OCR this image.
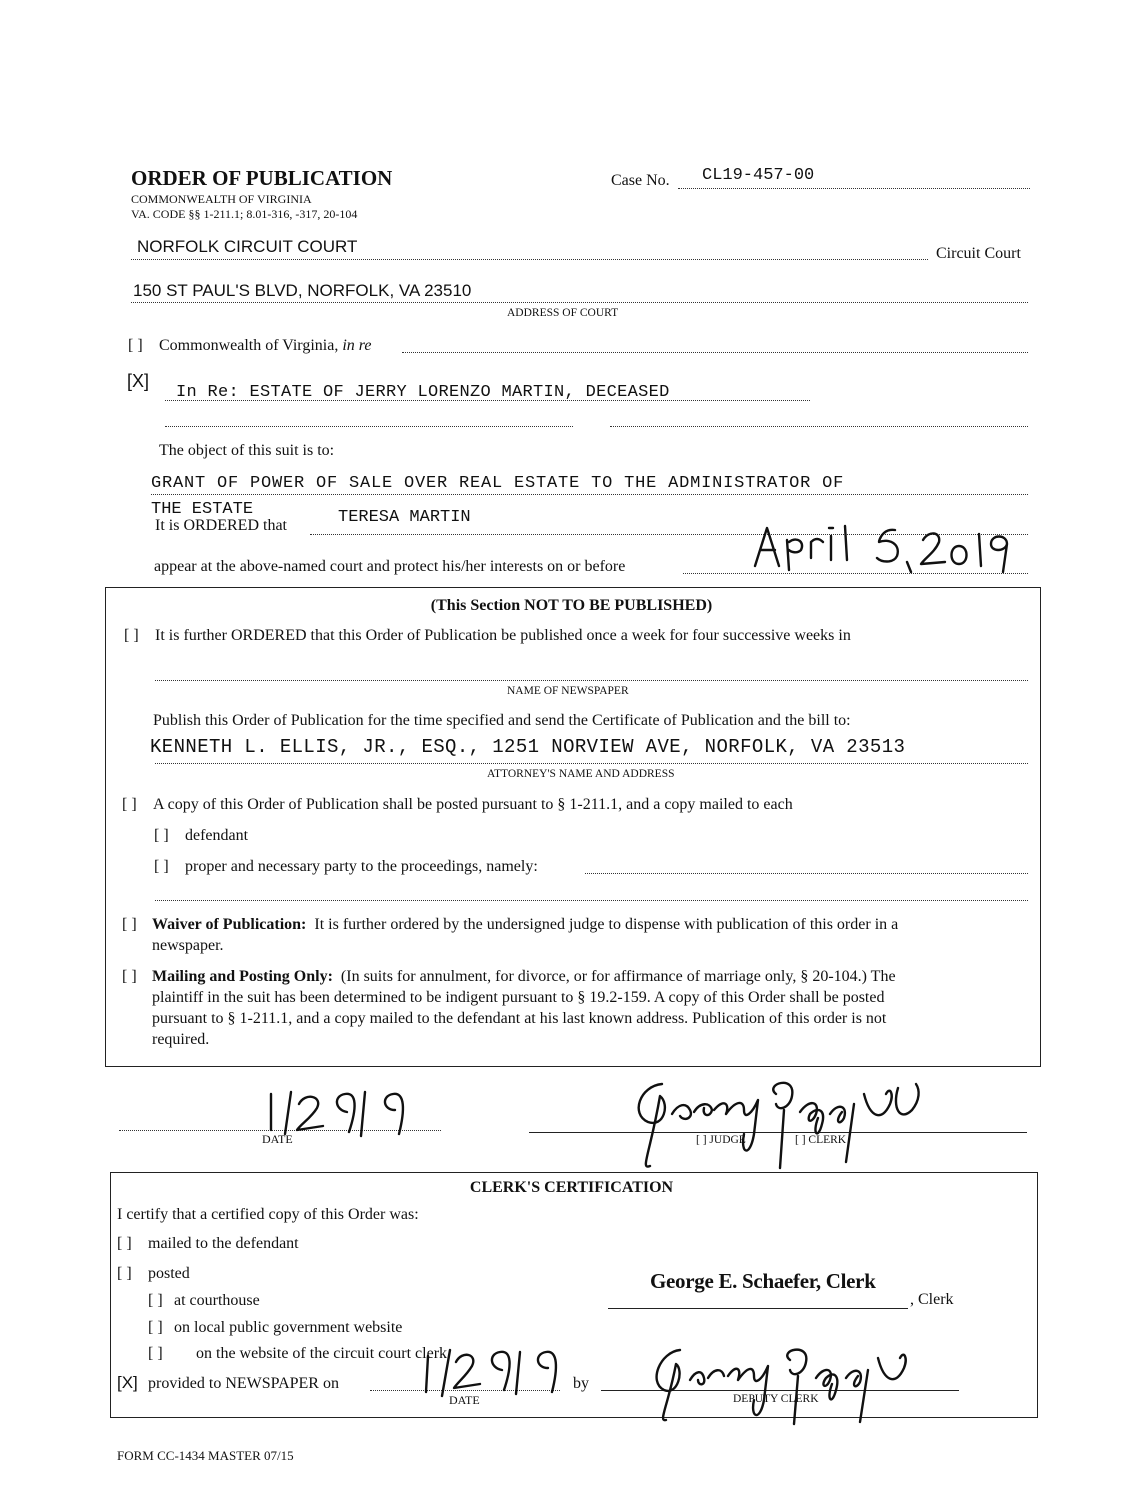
ORDER OF PUBLICATION
COMMONWEALTH OF VIRGINIA
VA. CODE §§ 1-211.1; 8.01-316, -317, 20-104
Case No. CL19-457-00
NORFOLK CIRCUIT COURT	Circuit Court
150 ST PAUL'S BLVD, NORFOLK, VA 23510
ADDRESS OF COURT
[ ] Commonwealth of Virginia, in re
[X]
In Re: ESTATE OF JERRY LORENZO MARTIN, DECEASED
The object of this suit is to:
GRANT OF POWER OF SALE OVER REAL ESTATE TO THE ADMINISTRATOR OF
THE ESTATE
It is ORDERED that	TERESA MARTIN
appear at the above-named court and protect his/her interests on or before
(This Section NOT TO BE PUBLISHED)
[ ] It is further ORDERED that this Order of Publication be published once a week for four successive weeks in
NAME OF NEWSPAPER
Publish this Order of Publication for the time specified and send the Certificate of Publication and the bill to:
KENNETH L. ELLIS, JR., ESQ., 1251 NORVIEW AVE, NORFOLK, VA 23513
ATTORNEY'S NAME AND ADDRESS
[ ] A copy of this Order of Publication shall be posted pursuant to § 1-211.1, and a copy mailed to each
[ ] defendant
[ ] proper and necessary party to the proceedings, namely:
[ ] Waiver of Publication: It is further ordered by the undersigned judge to dispense with publication of this order in a
newspaper.
[ ] Mailing and Posting Only: (In suits for annulment, for divorce, or for affirmance of marriage only, § 20-104.) The
plaintiff in the suit has been determined to be indigent pursuant to § 19.2-159. A copy of this Order shall be posted
pursuant to § 1-211.1, and a copy mailed to the defendant at his last known address. Publication of this order is not
required.
DATE	[ ] JUDGE	[ ] CLERK
CLERK'S CERTIFICATION
I certify that a certified copy of this Order was:
[ ] mailed to the defendant
[ ] posted
[ ] at courthouse
[ ] on local public government website
[ ] on the website of the circuit court clerk
[X] provided to NEWSPAPER on
DATE
by
George E. Schaefer, Clerk
, Clerk
DEPUTY CLERK
FORM CC-1434 MASTER 07/15
